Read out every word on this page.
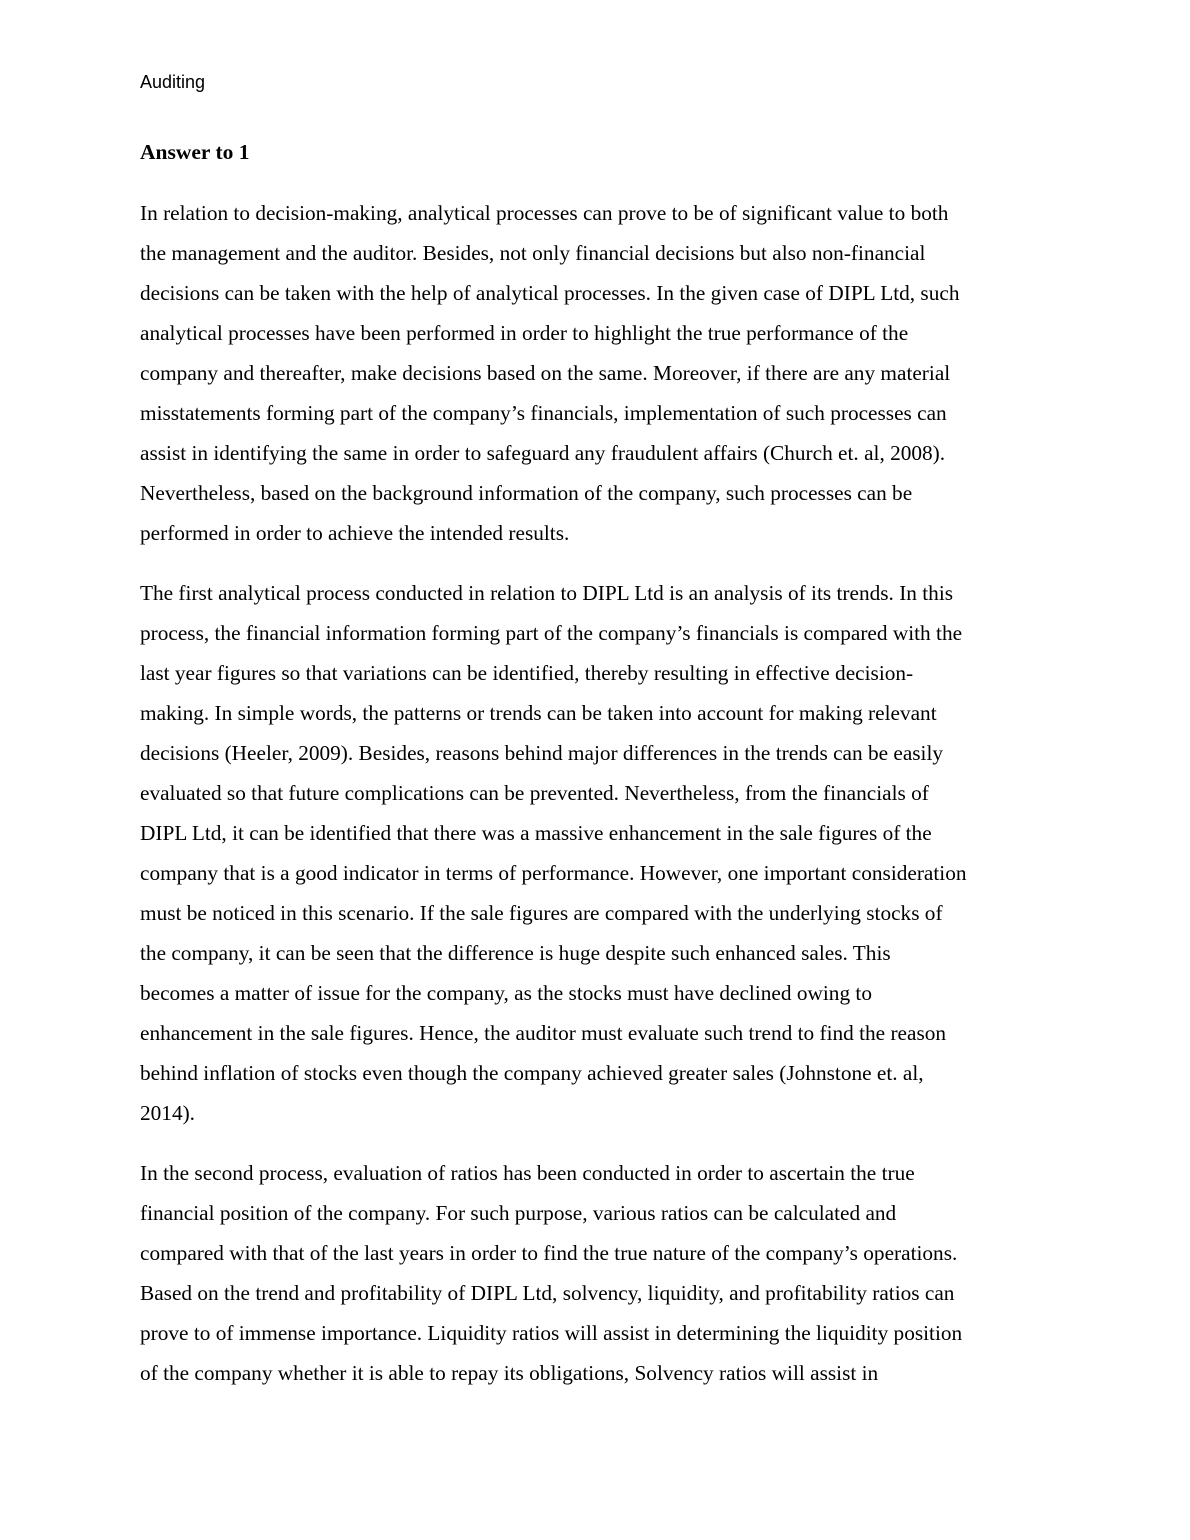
Auditing
Answer to 1
In relation to decision-making, analytical processes can prove to be of significant value to both
the management and the auditor. Besides, not only financial decisions but also non-financial
decisions can be taken with the help of analytical processes. In the given case of DIPL Ltd, such
analytical processes have been performed in order to highlight the true performance of the
company and thereafter, make decisions based on the same. Moreover, if there are any material
misstatements forming part of the company’s financials, implementation of such processes can
assist in identifying the same in order to safeguard any fraudulent affairs (Church et. al, 2008).
Nevertheless, based on the background information of the company, such processes can be
performed in order to achieve the intended results.
The first analytical process conducted in relation to DIPL Ltd is an analysis of its trends. In this
process, the financial information forming part of the company’s financials is compared with the
last year figures so that variations can be identified, thereby resulting in effective decision-
making. In simple words, the patterns or trends can be taken into account for making relevant
decisions (Heeler, 2009). Besides, reasons behind major differences in the trends can be easily
evaluated so that future complications can be prevented. Nevertheless, from the financials of
DIPL Ltd, it can be identified that there was a massive enhancement in the sale figures of the
company that is a good indicator in terms of performance. However, one important consideration
must be noticed in this scenario. If the sale figures are compared with the underlying stocks of
the company, it can be seen that the difference is huge despite such enhanced sales. This
becomes a matter of issue for the company, as the stocks must have declined owing to
enhancement in the sale figures. Hence, the auditor must evaluate such trend to find the reason
behind inflation of stocks even though the company achieved greater sales (Johnstone et. al,
2014).
In the second process, evaluation of ratios has been conducted in order to ascertain the true
financial position of the company. For such purpose, various ratios can be calculated and
compared with that of the last years in order to find the true nature of the company’s operations.
Based on the trend and profitability of DIPL Ltd, solvency, liquidity, and profitability ratios can
prove to of immense importance. Liquidity ratios will assist in determining the liquidity position
of the company whether it is able to repay its obligations, Solvency ratios will assist in
